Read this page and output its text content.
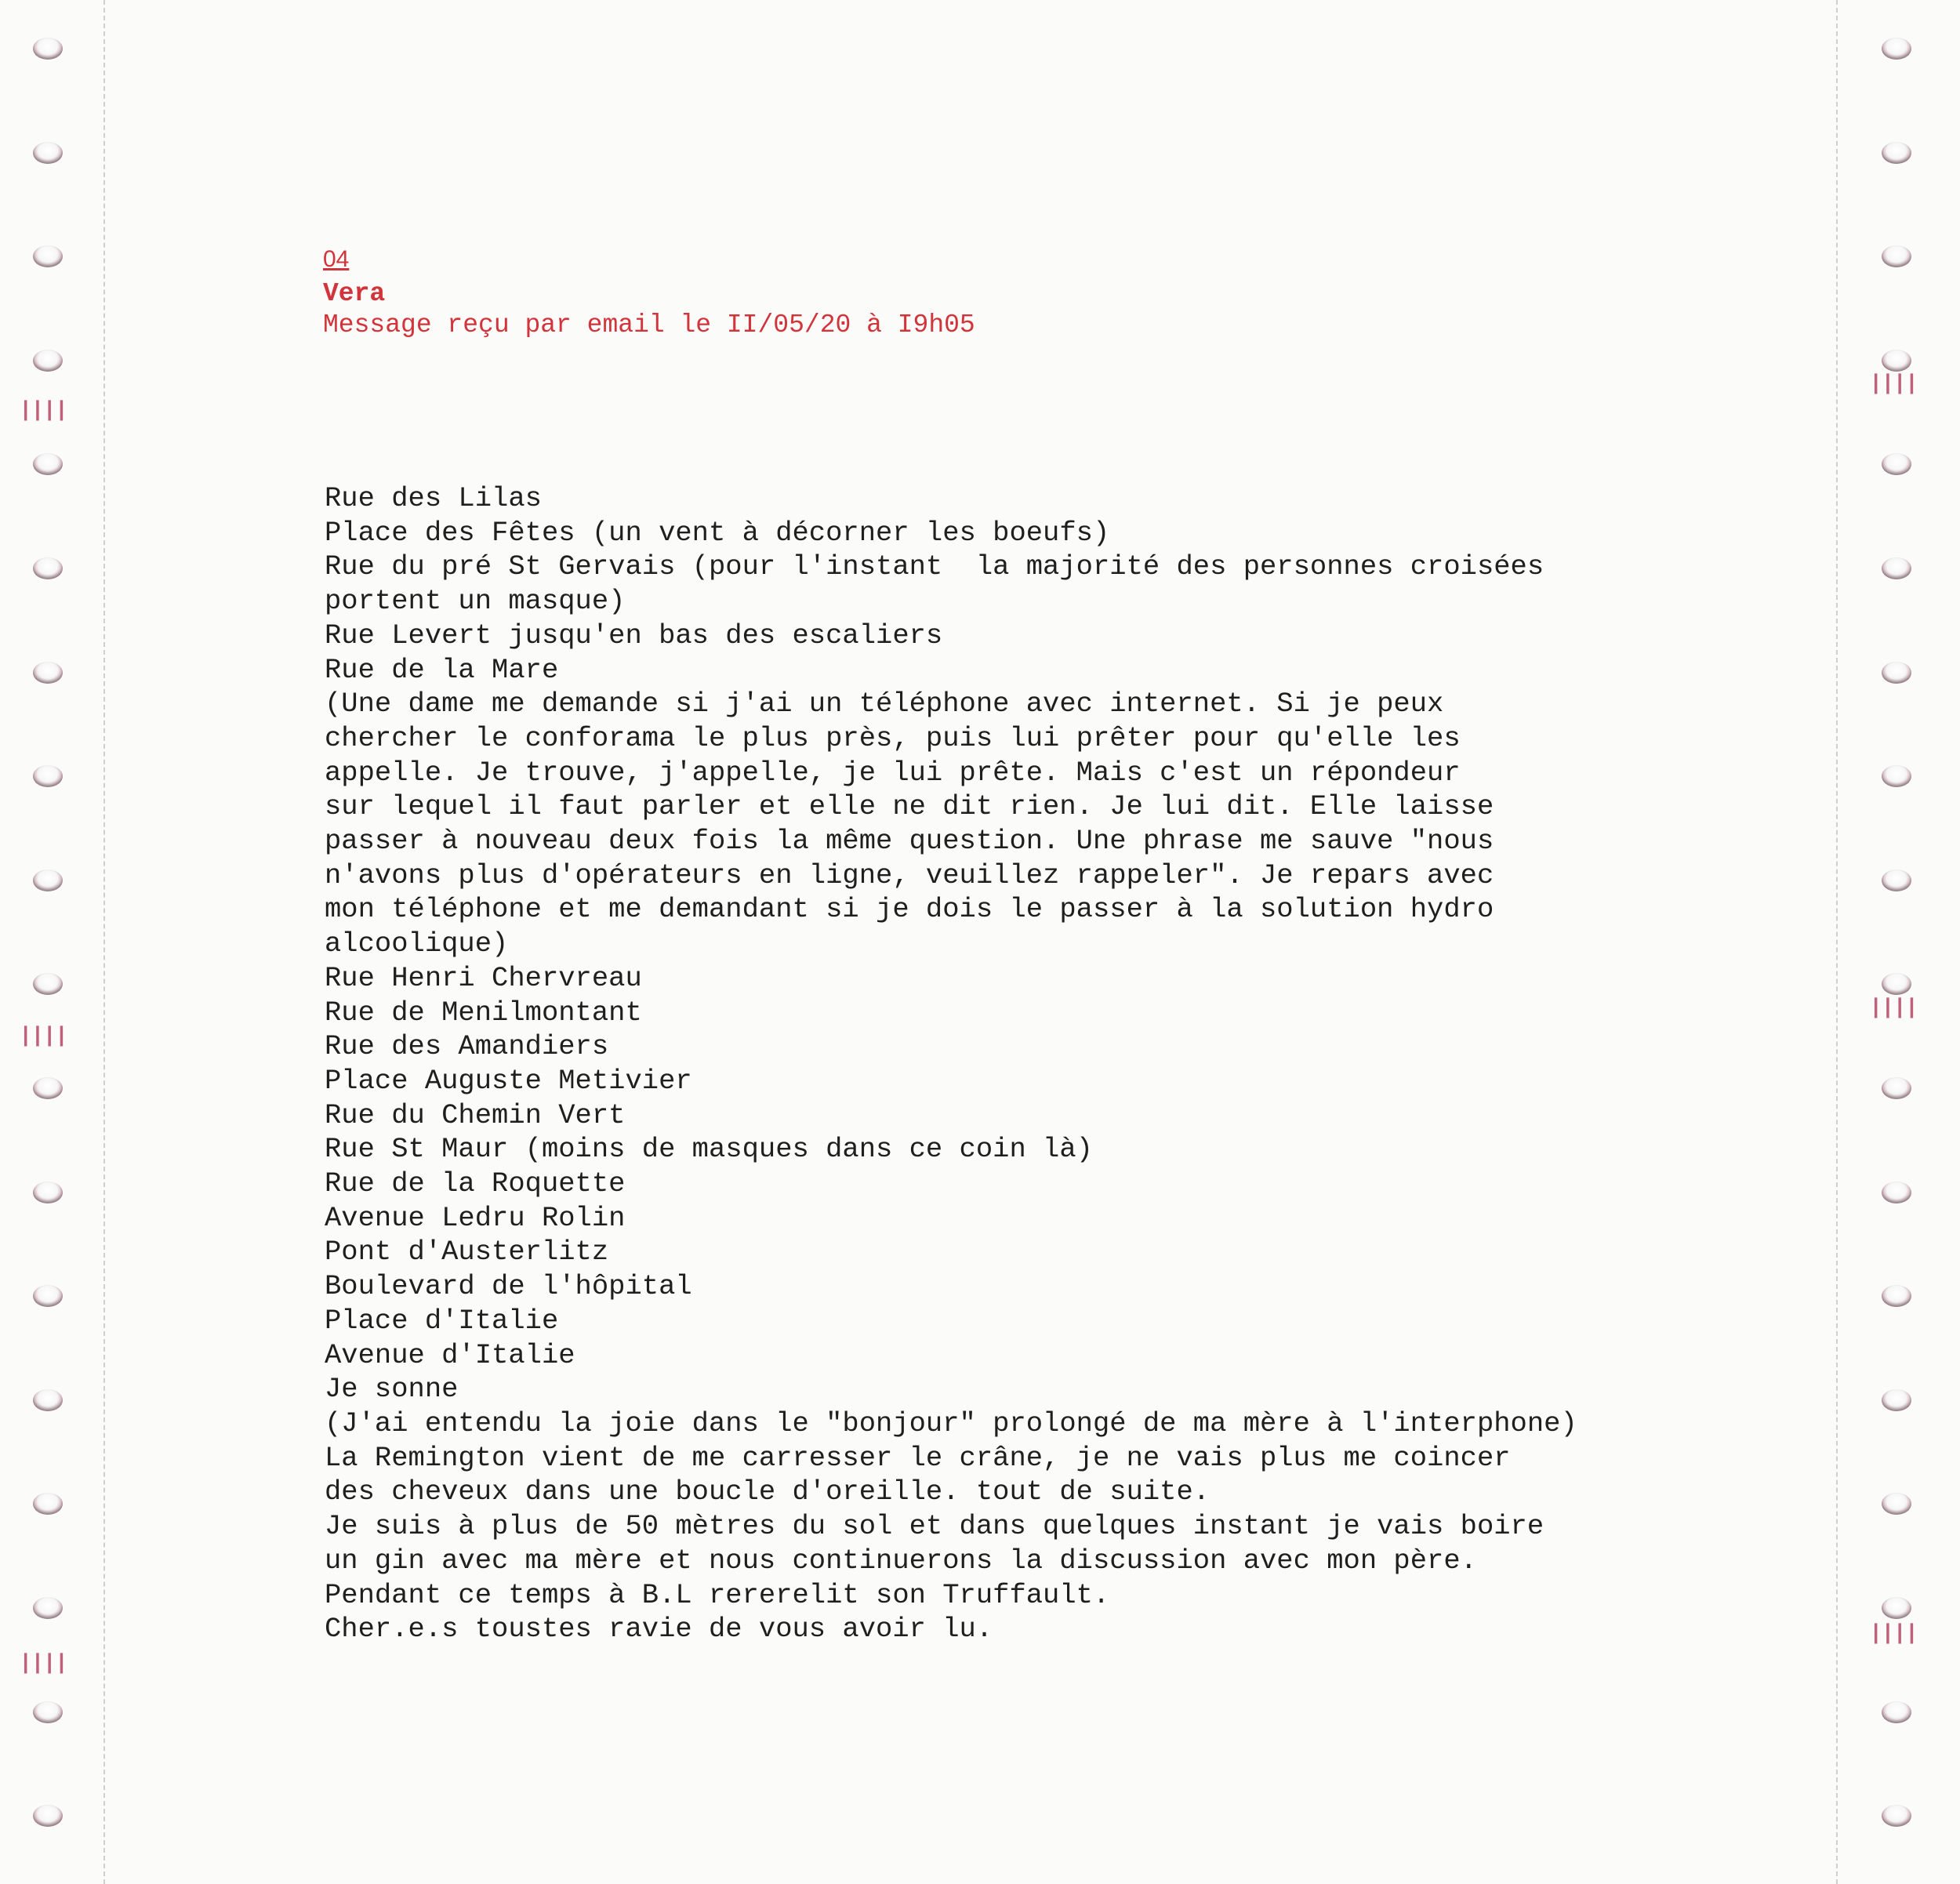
┃┃┃┃
┃┃┃┃
┃┃┃┃
┃┃┃┃
┃┃┃┃
┃┃┃┃
04
Vera
Message reçu par email le II/05/20 à I9h05
Rue des Lilas
Place des Fêtes (un vent à décorner les boeufs)
Rue du pré St Gervais (pour l'instant  la majorité des personnes croisées
portent un masque)
Rue Levert jusqu'en bas des escaliers
Rue de la Mare
(Une dame me demande si j'ai un téléphone avec internet. Si je peux
chercher le conforama le plus près, puis lui prêter pour qu'elle les
appelle. Je trouve, j'appelle, je lui prête. Mais c'est un répondeur
sur lequel il faut parler et elle ne dit rien. Je lui dit. Elle laisse
passer à nouveau deux fois la même question. Une phrase me sauve "nous
n'avons plus d'opérateurs en ligne, veuillez rappeler". Je repars avec
mon téléphone et me demandant si je dois le passer à la solution hydro
alcoolique)
Rue Henri Chervreau
Rue de Menilmontant
Rue des Amandiers
Place Auguste Metivier
Rue du Chemin Vert
Rue St Maur (moins de masques dans ce coin là)
Rue de la Roquette
Avenue Ledru Rolin
Pont d'Austerlitz
Boulevard de l'hôpital
Place d'Italie
Avenue d'Italie
Je sonne
(J'ai entendu la joie dans le "bonjour" prolongé de ma mère à l'interphone)
La Remington vient de me carresser le crâne, je ne vais plus me coincer
des cheveux dans une boucle d'oreille. tout de suite.
Je suis à plus de 50 mètres du sol et dans quelques instant je vais boire
un gin avec ma mère et nous continuerons la discussion avec mon père.
Pendant ce temps à B.L rererelit son Truffault.
Cher.e.s toustes ravie de vous avoir lu.
